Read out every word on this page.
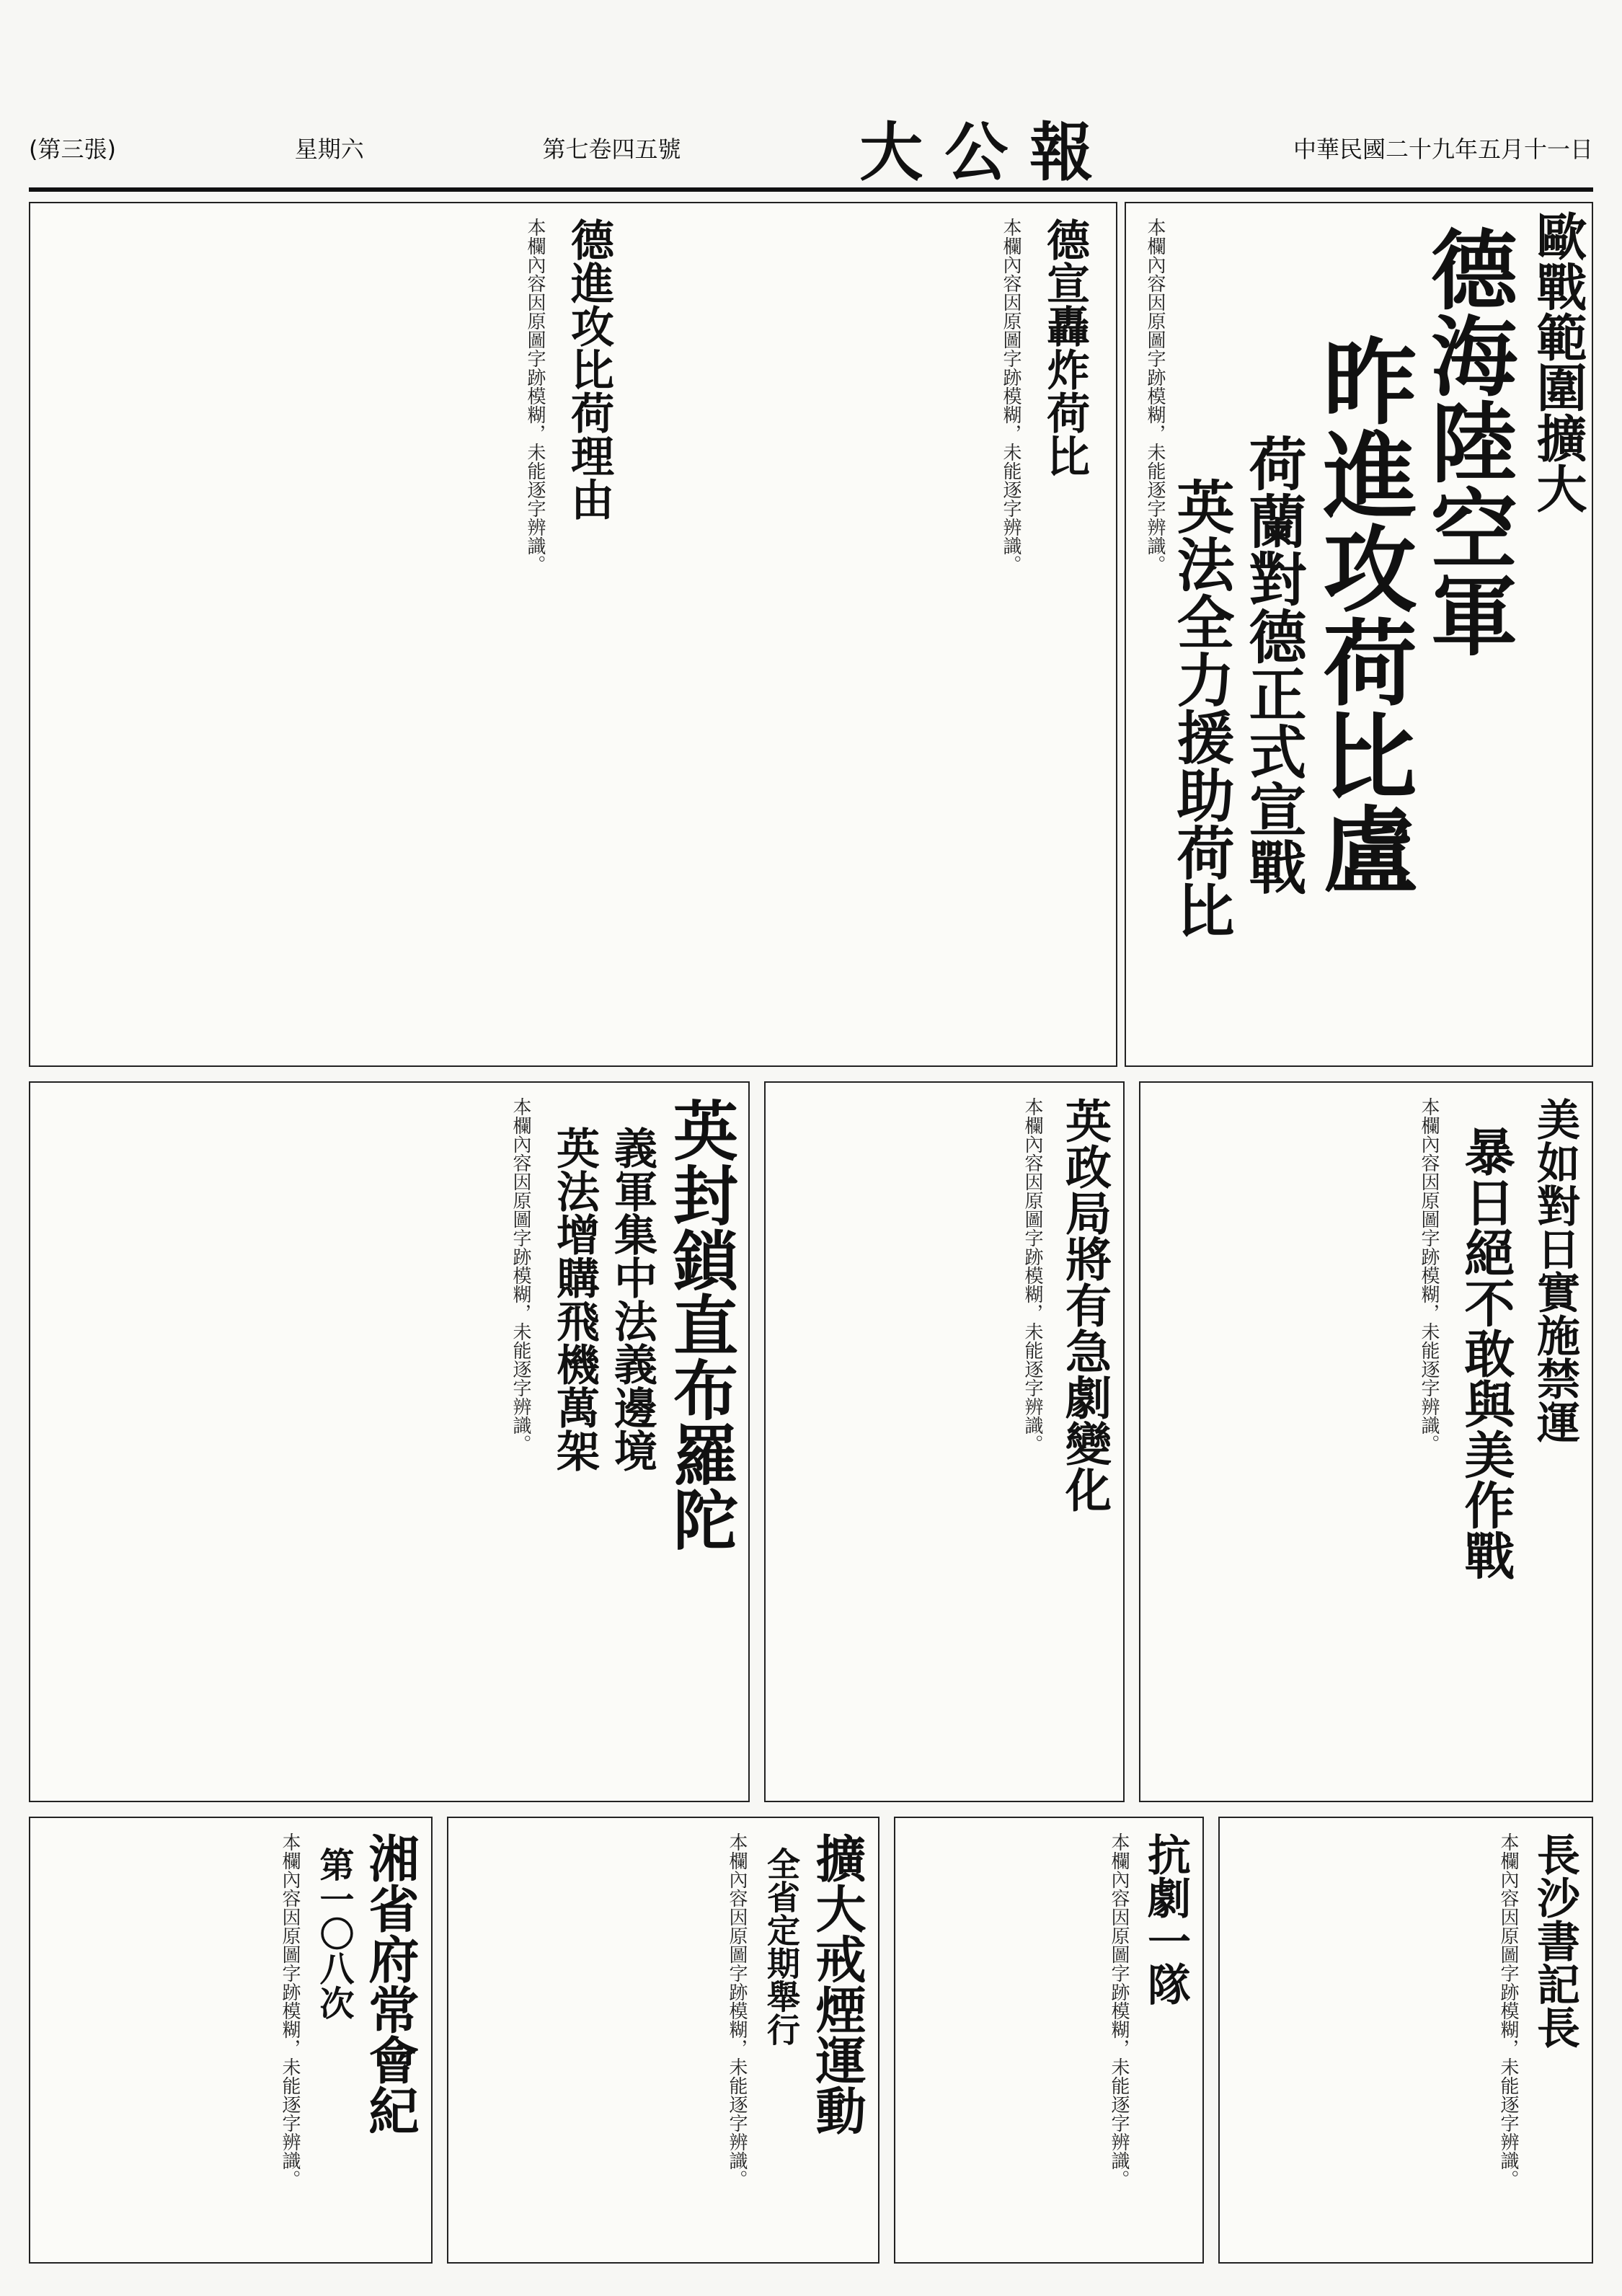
(第三張)	星期六	第七卷四五號	大公報	中華民國二十九年五月十一日
歐戰範圍擴大
德海陸空軍
昨進攻荷比盧
荷蘭對德正式宣戰
英法全力援助荷比
本欄內容因原圖字跡模糊，未能逐字辨識。
德宣轟炸荷比
本欄內容因原圖字跡模糊，未能逐字辨識。
德進攻比荷理由
本欄內容因原圖字跡模糊，未能逐字辨識。
英封鎖直布羅陀
義軍集中法義邊境
英法增購飛機萬架
本欄內容因原圖字跡模糊，未能逐字辨識。	英政局將有急劇變化
本欄內容因原圖字跡模糊，未能逐字辨識。	美如對日實施禁運
暴日絕不敢與美作戰
本欄內容因原圖字跡模糊，未能逐字辨識。
湘省府常會紀
第一〇八次
本欄內容因原圖字跡模糊，未能逐字辨識。	擴大戒煙運動
全省定期舉行
本欄內容因原圖字跡模糊，未能逐字辨識。	抗劇一隊
本欄內容因原圖字跡模糊，未能逐字辨識。	長沙書記長
本欄內容因原圖字跡模糊，未能逐字辨識。
